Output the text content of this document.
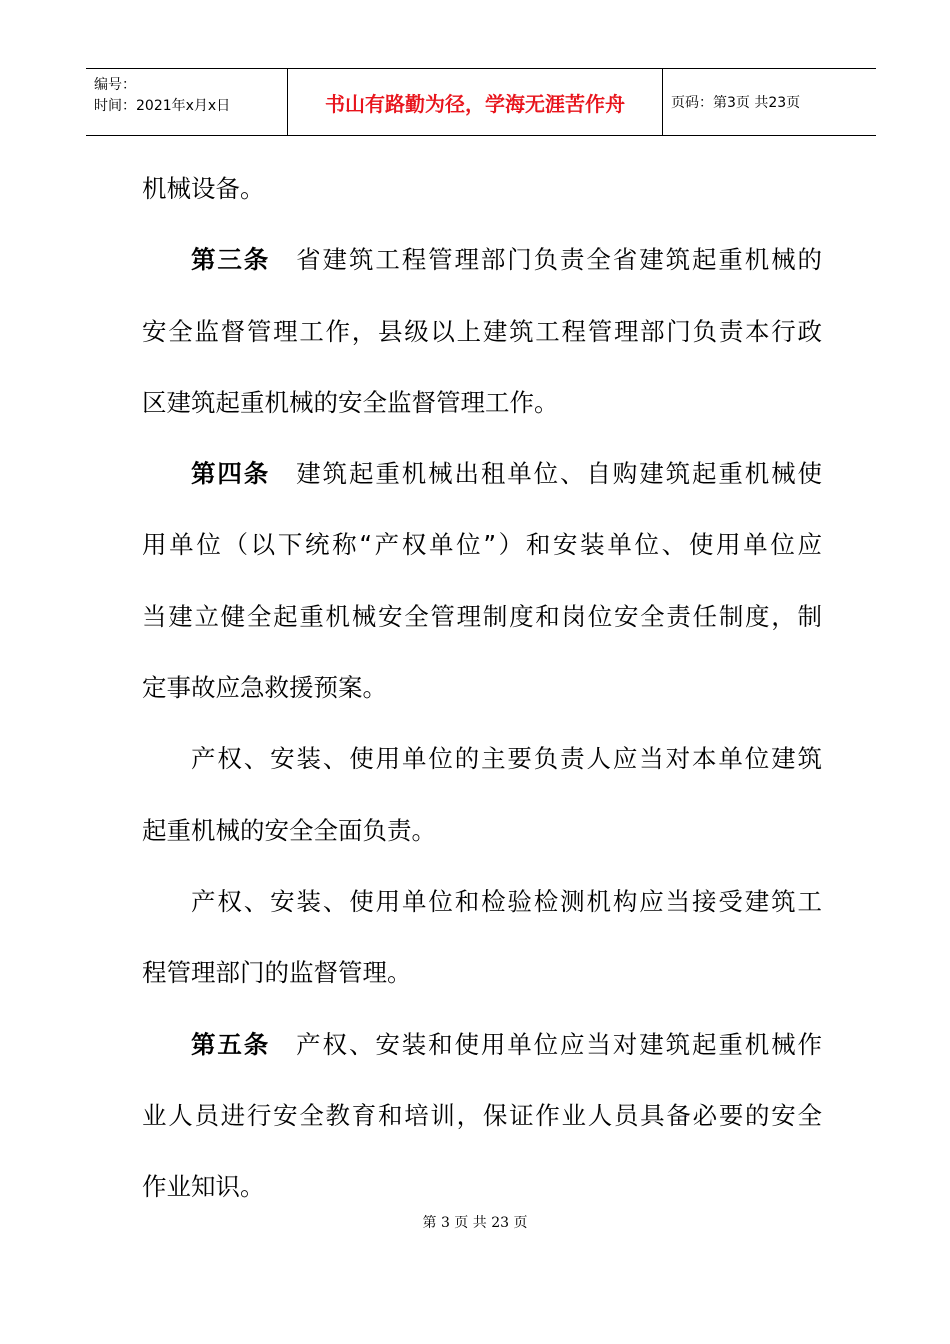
编号：
时间：2021年x月x日	书山有路勤为径，学海无涯苦作舟	页码：第3页 共23页
机械设备。
第三条 省建筑工程管理部门负责全省建筑起重机械的
安全监督管理工作，县级以上建筑工程管理部门负责本行政
区建筑起重机械的安全监督管理工作。
第四条 建筑起重机械出租单位、自购建筑起重机械使
用单位（以下统称“产权单位”）和安装单位、使用单位应
当建立健全起重机械安全管理制度和岗位安全责任制度，制
定事故应急救援预案。
产权、安装、使用单位的主要负责人应当对本单位建筑
起重机械的安全全面负责。
产权、安装、使用单位和检验检测机构应当接受建筑工
程管理部门的监督管理。
第五条 产权、安装和使用单位应当对建筑起重机械作
业人员进行安全教育和培训，保证作业人员具备必要的安全
作业知识。
第 3 页 共 23 页
